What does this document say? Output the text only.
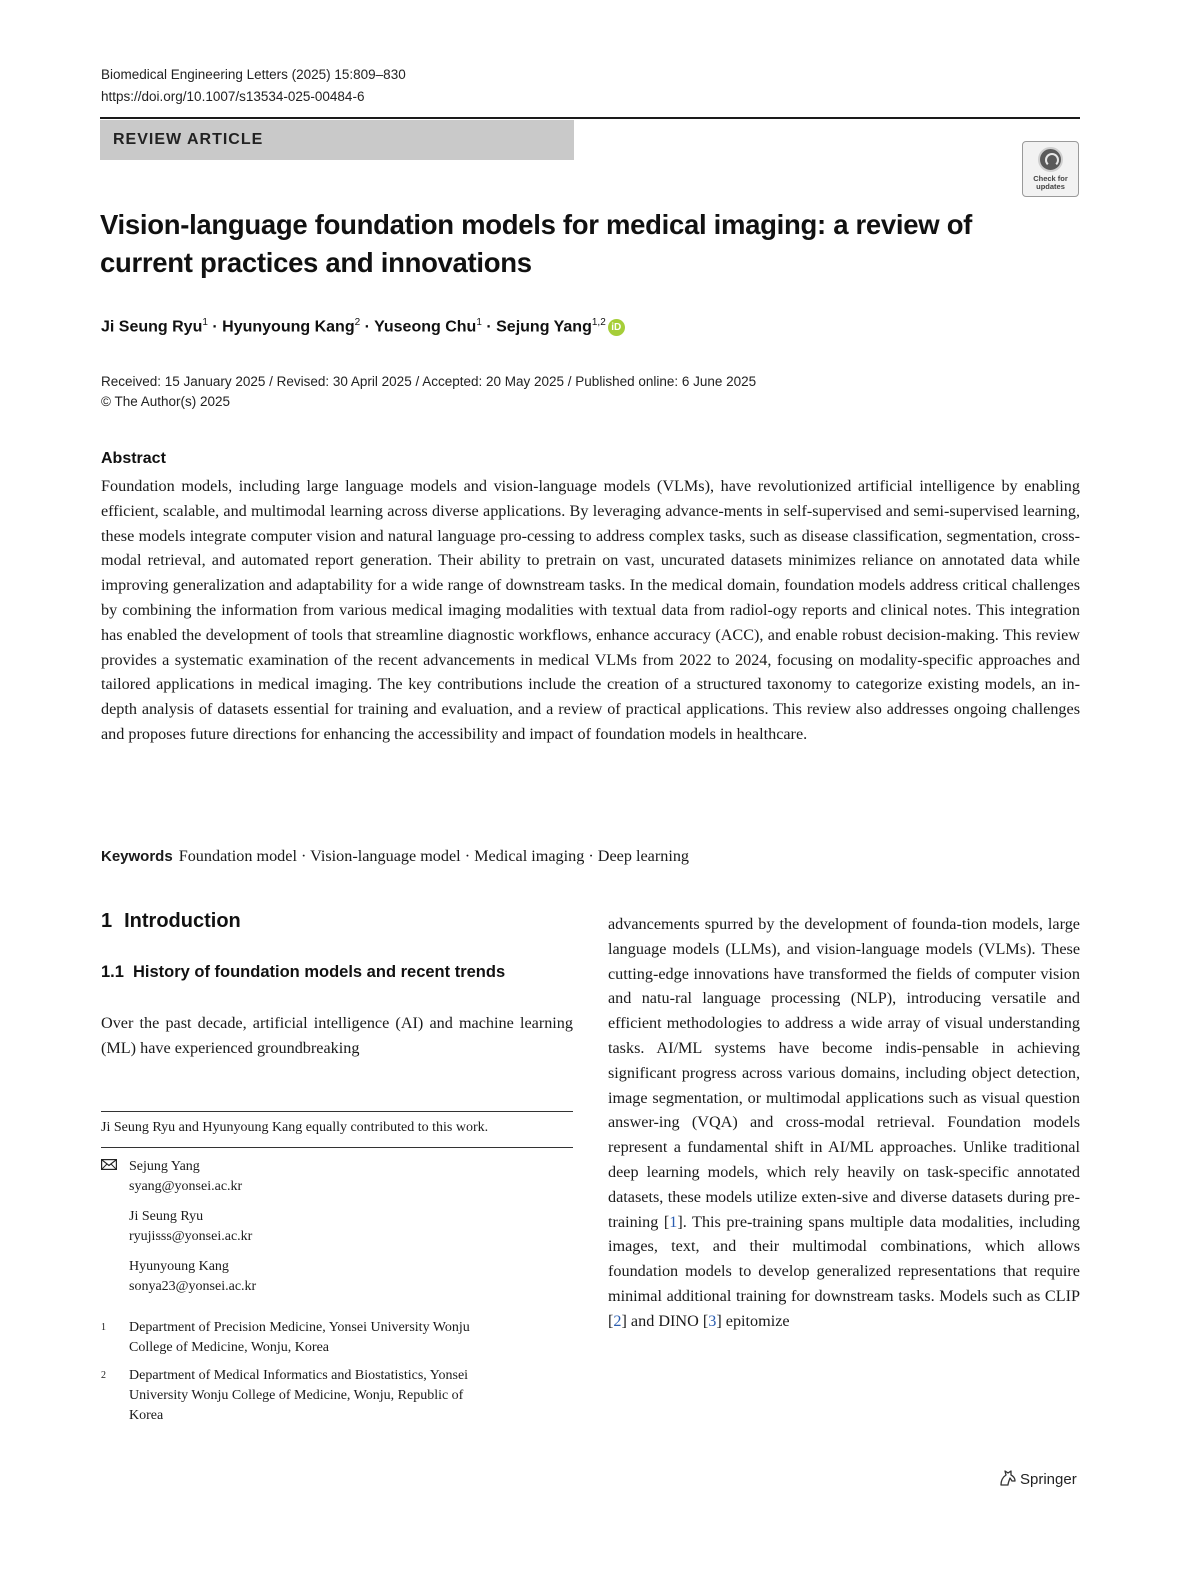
Biomedical Engineering Letters (2025) 15:809–830
https://doi.org/10.1007/s13534-025-00484-6
REVIEW ARTICLE
Check for
updates
Vision-language foundation models for medical imaging: a review of
current practices and innovations
Ji Seung Ryu$^1$ · Hyunyoung Kang$^2$ · Yuseong Chu$^1$ · Sejung Yang$^{1,2}$ iD
Received: 15 January 2025 / Revised: 30 April 2025 / Accepted: 20 May 2025 / Published online: 6 June 2025
© The Author(s) 2025
Abstract
Foundation models, including large language models and vision-language models (VLMs), have revolutionized artificial intelligence by enabling efficient, scalable, and multimodal learning across diverse applications. By leveraging advance-ments in self-supervised and semi-supervised learning, these models integrate computer vision and natural language pro-cessing to address complex tasks, such as disease classification, segmentation, cross-modal retrieval, and automated report generation. Their ability to pretrain on vast, uncurated datasets minimizes reliance on annotated data while improving generalization and adaptability for a wide range of downstream tasks. In the medical domain, foundation models address critical challenges by combining the information from various medical imaging modalities with textual data from radiol-ogy reports and clinical notes. This integration has enabled the development of tools that streamline diagnostic workflows, enhance accuracy (ACC), and enable robust decision-making. This review provides a systematic examination of the recent advancements in medical VLMs from 2022 to 2024, focusing on modality-specific approaches and tailored applications in medical imaging. The key contributions include the creation of a structured taxonomy to categorize existing models, an in-depth analysis of datasets essential for training and evaluation, and a review of practical applications. This review also addresses ongoing challenges and proposes future directions for enhancing the accessibility and impact of foundation models in healthcare.
Keywords Foundation model · Vision-language model · Medical imaging · Deep learning
1 Introduction
1.1 History of foundation models and recent trends
Over the past decade, artificial intelligence (AI) and machine learning (ML) have experienced groundbreaking
advancements spurred by the development of founda-tion models, large language models (LLMs), and vision-language models (VLMs). These cutting-edge innovations have transformed the fields of computer vision and natu-ral language processing (NLP), introducing versatile and efficient methodologies to address a wide array of visual understanding tasks. AI/ML systems have become indis-pensable in achieving significant progress across various domains, including object detection, image segmentation, or multimodal applications such as visual question answer-ing (VQA) and cross-modal retrieval. Foundation models represent a fundamental shift in AI/ML approaches. Unlike traditional deep learning models, which rely heavily on task-specific annotated datasets, these models utilize exten-sive and diverse datasets during pre-training [1]. This pre-training spans multiple data modalities, including images, text, and their multimodal combinations, which allows foundation models to develop generalized representations that require minimal additional training for downstream tasks. Models such as CLIP [2] and DINO [3] epitomize
Ji Seung Ryu and Hyunyoung Kang equally contributed to this work.
Sejung Yang
syang@yonsei.ac.kr
Ji Seung Ryu
ryujisss@yonsei.ac.kr
Hyunyoung Kang
sonya23@yonsei.ac.kr
1 Department of Precision Medicine, Yonsei University Wonju
College of Medicine, Wonju, Korea
2 Department of Medical Informatics and Biostatistics, Yonsei
University Wonju College of Medicine, Wonju, Republic of
Korea
Springer
